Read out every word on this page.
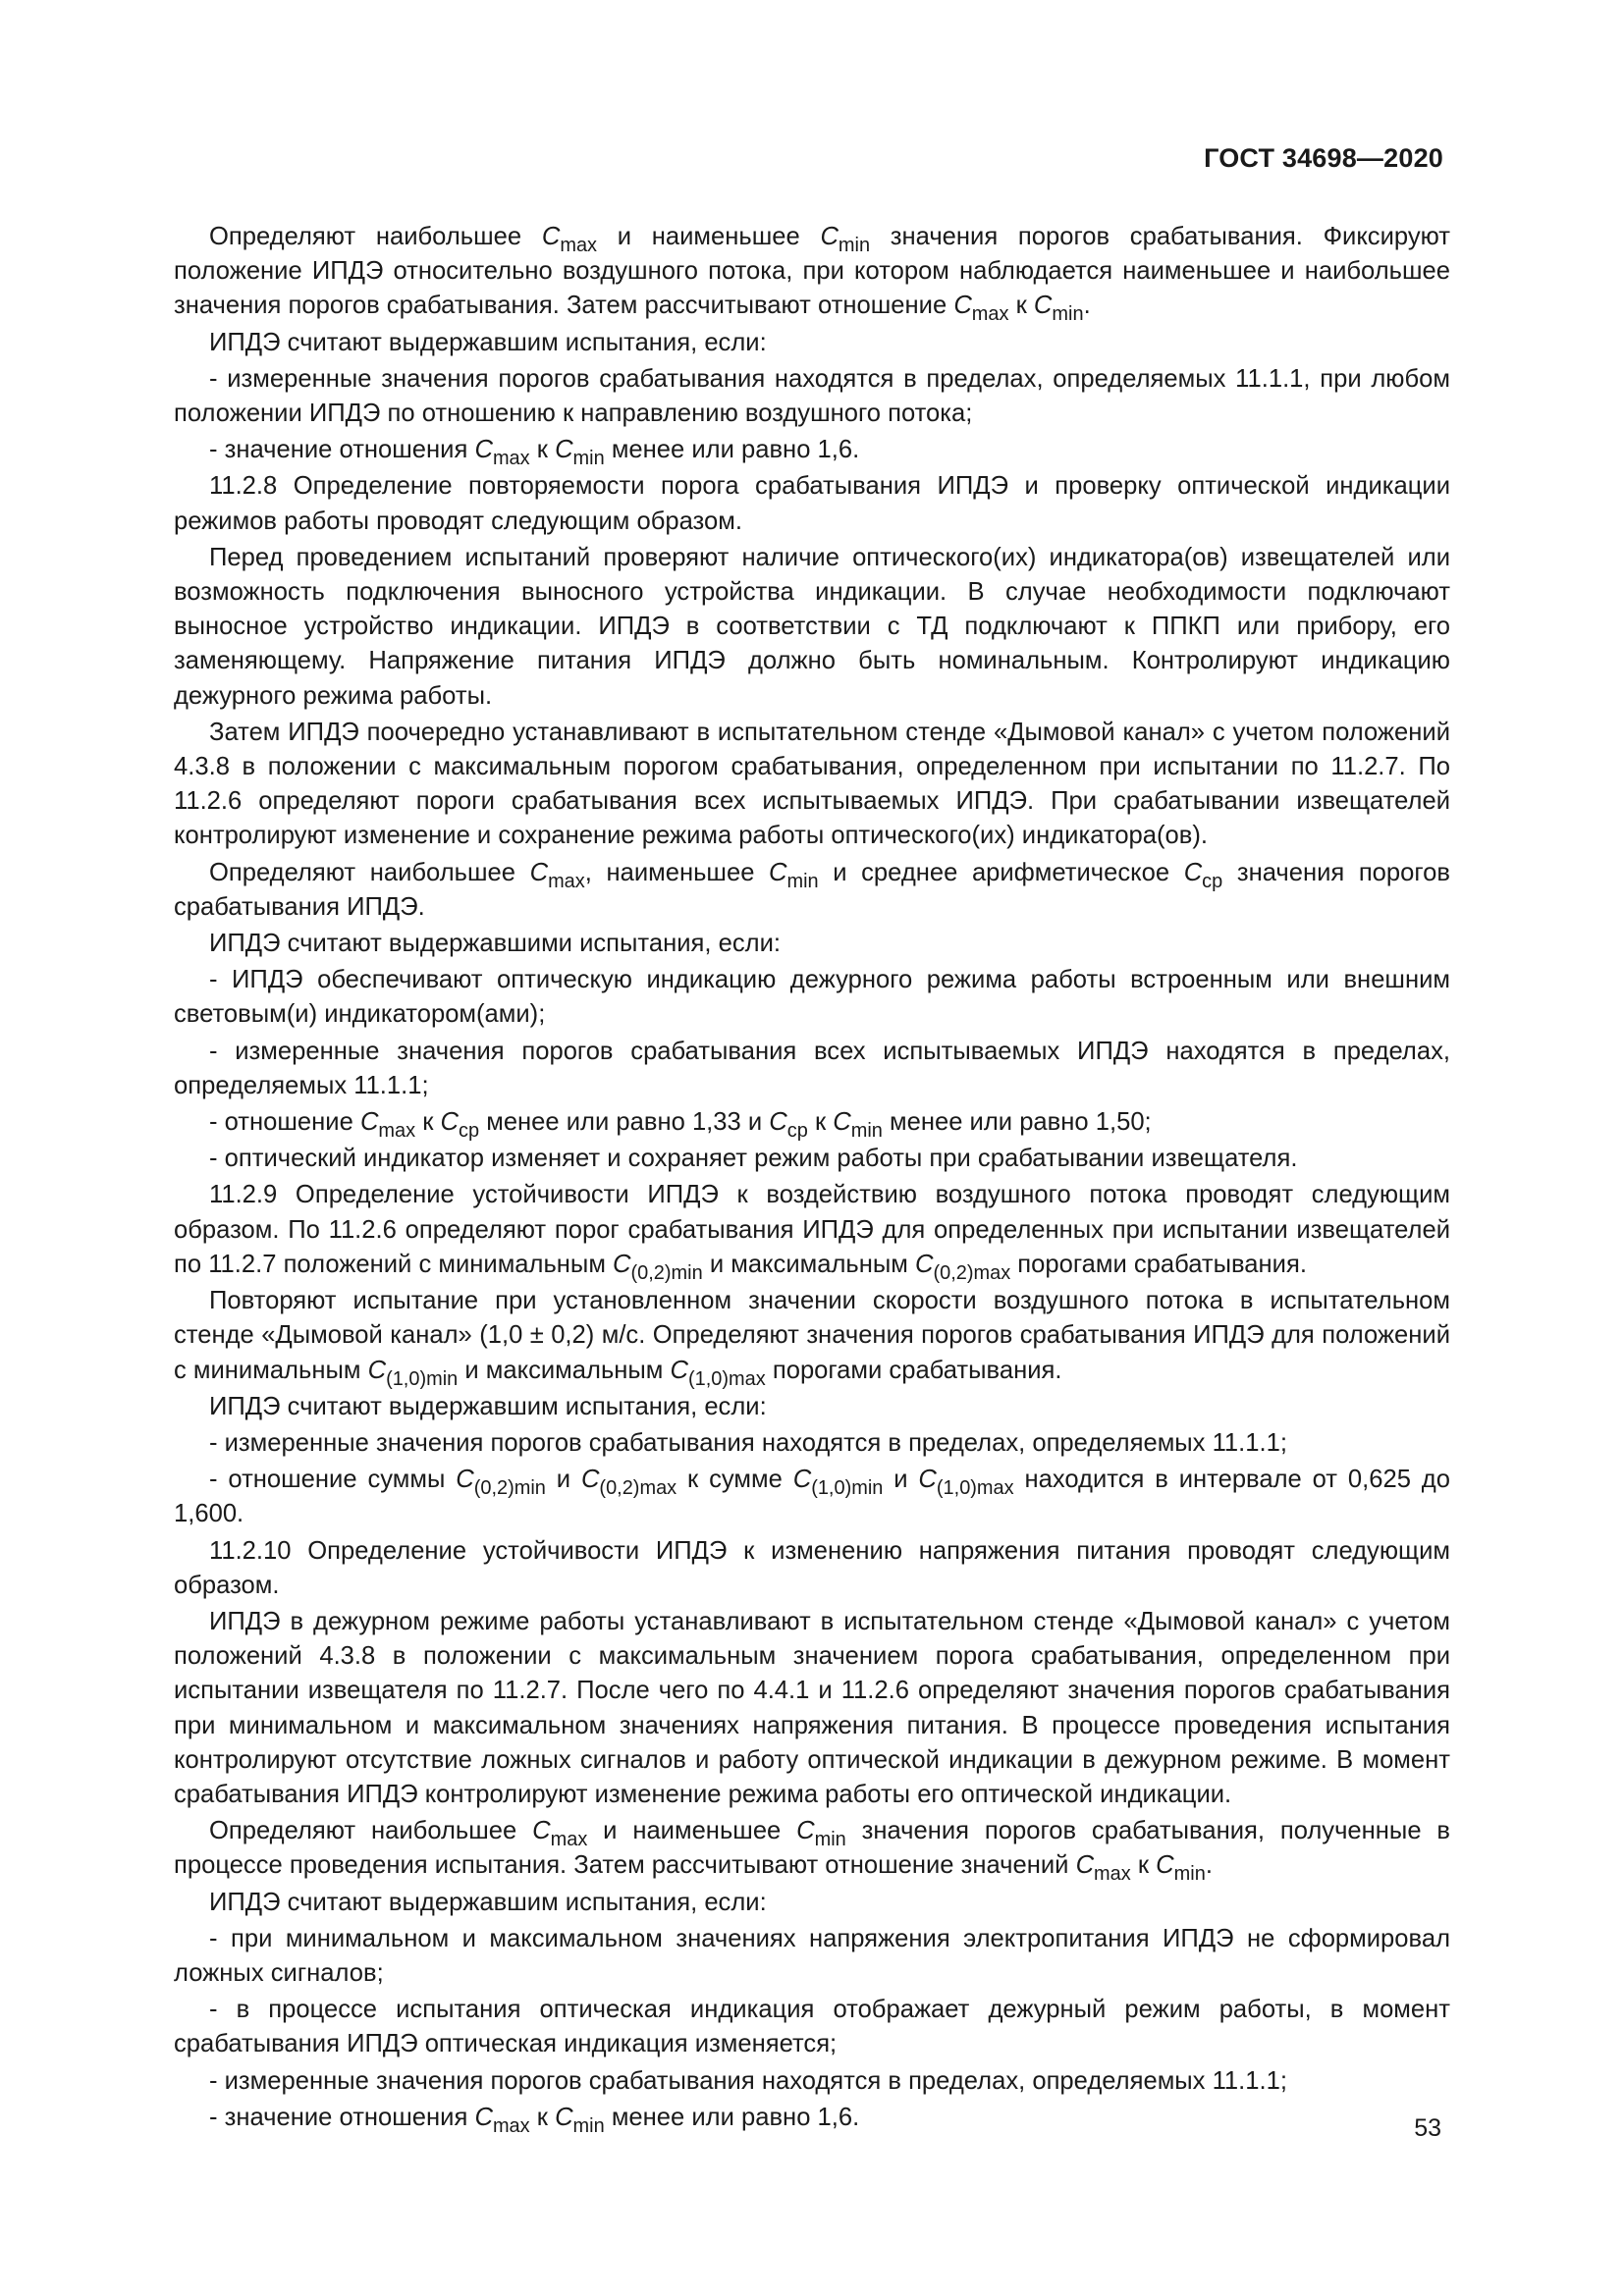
ГОСТ 34698—2020

Определяют наибольшее $C_{max}$ и наименьшее $C_{min}$ значения порогов срабатывания. Фиксируют положение ИПДЭ относительно воздушного потока, при котором наблюдается наименьшее и наибольшее значения порогов срабатывания. Затем рассчитывают отношение $C_{max}$ к $C_{min}$.

ИПДЭ считают выдержавшим испытания, если:

- измеренные значения порогов срабатывания находятся в пределах, определяемых 11.1.1, при любом положении ИПДЭ по отношению к направлению воздушного потока;

- значение отношения $C_{max}$ к $C_{min}$ менее или равно 1,6.

11.2.8 Определение повторяемости порога срабатывания ИПДЭ и проверку оптической индикации режимов работы проводят следующим образом.

Перед проведением испытаний проверяют наличие оптического(их) индикатора(ов) извещателей или возможность подключения выносного устройства индикации. В случае необходимости подключают выносное устройство индикации. ИПДЭ в соответствии с ТД подключают к ППКП или прибору, его заменяющему. Напряжение питания ИПДЭ должно быть номинальным. Контролируют индикацию дежурного режима работы.

Затем ИПДЭ поочередно устанавливают в испытательном стенде «Дымовой канал» с учетом положений 4.3.8 в положении с максимальным порогом срабатывания, определенном при испытании по 11.2.7. По 11.2.6 определяют пороги срабатывания всех испытываемых ИПДЭ. При срабатывании извещателей контролируют изменение и сохранение режима работы оптического(их) индикатора(ов).

Определяют наибольшее $C_{max}$, наименьшее $C_{min}$ и среднее арифметическое $C_{ср}$ значения порогов срабатывания ИПДЭ.

ИПДЭ считают выдержавшими испытания, если:

- ИПДЭ обеспечивают оптическую индикацию дежурного режима работы встроенным или внешним световым(и) индикатором(ами);

- измеренные значения порогов срабатывания всех испытываемых ИПДЭ находятся в пределах, определяемых 11.1.1;

- отношение $C_{max}$ к $C_{ср}$ менее или равно 1,33 и $C_{ср}$ к $C_{min}$ менее или равно 1,50;

- оптический индикатор изменяет и сохраняет режим работы при срабатывании извещателя.

11.2.9 Определение устойчивости ИПДЭ к воздействию воздушного потока проводят следующим образом. По 11.2.6 определяют порог срабатывания ИПДЭ для определенных при испытании извещателей по 11.2.7 положений с минимальным $C_{(0,2)min}$ и максимальным $C_{(0,2)max}$ порогами срабатывания.

Повторяют испытание при установленном значении скорости воздушного потока в испытательном стенде «Дымовой канал» (1,0 ± 0,2) м/с. Определяют значения порогов срабатывания ИПДЭ для положений с минимальным $C_{(1,0)min}$ и максимальным $C_{(1,0)max}$ порогами срабатывания.

ИПДЭ считают выдержавшим испытания, если:

- измеренные значения порогов срабатывания находятся в пределах, определяемых 11.1.1;

- отношение суммы $C_{(0,2)min}$ и $C_{(0,2)max}$ к сумме $C_{(1,0)min}$ и $C_{(1,0)max}$ находится в интервале от 0,625 до 1,600.

11.2.10 Определение устойчивости ИПДЭ к изменению напряжения питания проводят следующим образом.

ИПДЭ в дежурном режиме работы устанавливают в испытательном стенде «Дымовой канал» с учетом положений 4.3.8 в положении с максимальным значением порога срабатывания, определенном при испытании извещателя по 11.2.7. После чего по 4.4.1 и 11.2.6 определяют значения порогов срабатывания при минимальном и максимальном значениях напряжения питания. В процессе проведения испытания контролируют отсутствие ложных сигналов и работу оптической индикации в дежурном режиме. В момент срабатывания ИПДЭ контролируют изменение режима работы его оптической индикации.

Определяют наибольшее $C_{max}$ и наименьшее $C_{min}$ значения порогов срабатывания, полученные в процессе проведения испытания. Затем рассчитывают отношение значений $C_{max}$ к $C_{min}$.

ИПДЭ считают выдержавшим испытания, если:

- при минимальном и максимальном значениях напряжения электропитания ИПДЭ не сформировал ложных сигналов;

- в процессе испытания оптическая индикация отображает дежурный режим работы, в момент срабатывания ИПДЭ оптическая индикация изменяется;

- измеренные значения порогов срабатывания находятся в пределах, определяемых 11.1.1;

- значение отношения $C_{max}$ к $C_{min}$ менее или равно 1,6.	53
